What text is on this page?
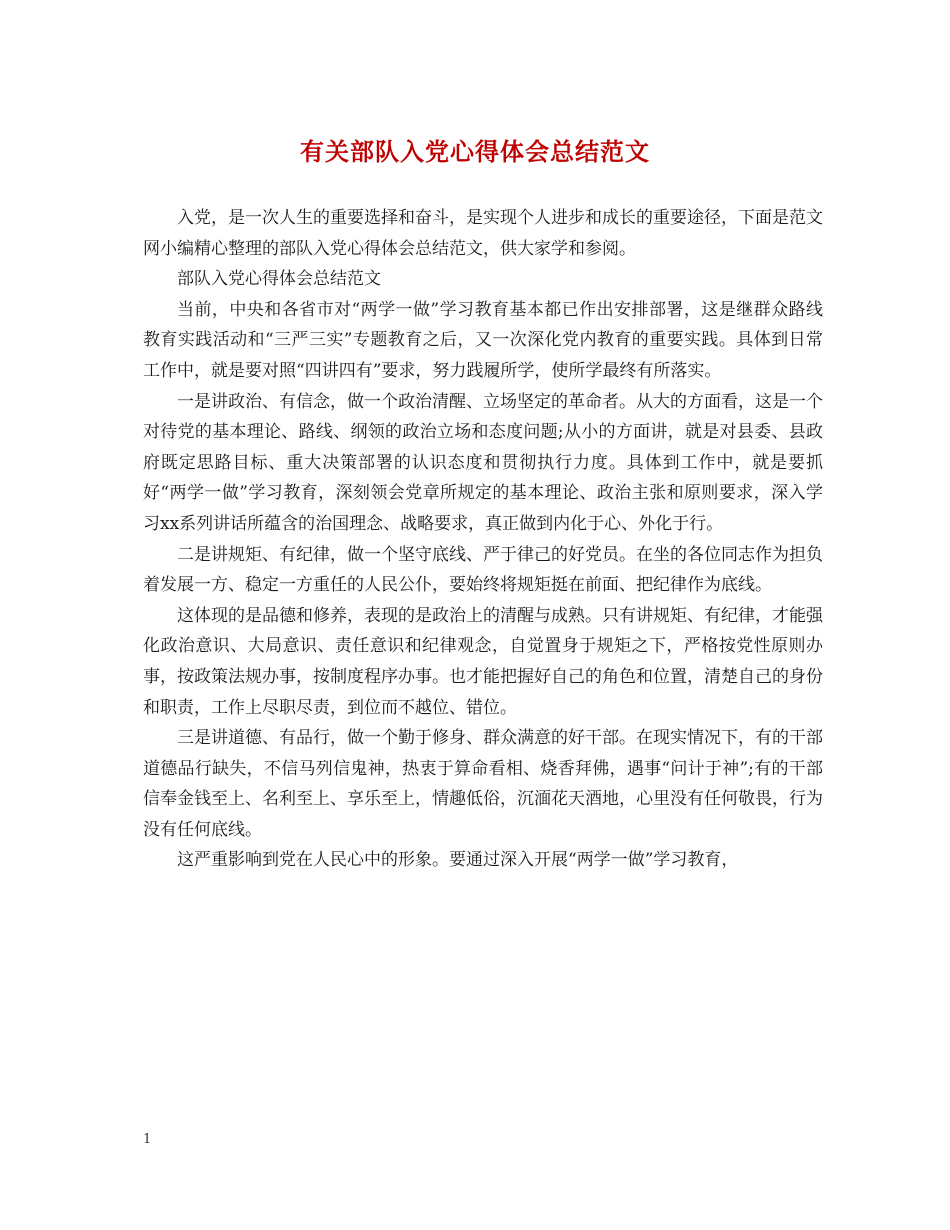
有关部队入党心得体会总结范文

入党，是一次人生的重要选择和奋斗，是实现个人进步和成长的重要途径，下面是范文网小编精心整理的部队入党心得体会总结范文，供大家学和参阅。

部队入党心得体会总结范文

当前，中央和各省市对“两学一做”学习教育基本都已作出安排部署，这是继群众路线教育实践活动和“三严三实”专题教育之后，又一次深化党内教育的重要实践。具体到日常工作中，就是要对照“四讲四有”要求，努力践履所学，使所学最终有所落实。

一是讲政治、有信念，做一个政治清醒、立场坚定的革命者。从大的方面看，这是一个对待党的基本理论、路线、纲领的政治立场和态度问题;从小的方面讲，就是对县委、县政府既定思路目标、重大决策部署的认识态度和贯彻执行力度。具体到工作中，就是要抓好“两学一做”学习教育，深刻领会党章所规定的基本理论、政治主张和原则要求，深入学习xx系列讲话所蕴含的治国理念、战略要求，真正做到内化于心、外化于行。

二是讲规矩、有纪律，做一个坚守底线、严于律己的好党员。在坐的各位同志作为担负着发展一方、稳定一方重任的人民公仆，要始终将规矩挺在前面、把纪律作为底线。

这体现的是品德和修养，表现的是政治上的清醒与成熟。只有讲规矩、有纪律，才能强化政治意识、大局意识、责任意识和纪律观念，自觉置身于规矩之下，严格按党性原则办事，按政策法规办事，按制度程序办事。也才能把握好自己的角色和位置，清楚自己的身份和职责，工作上尽职尽责，到位而不越位、错位。

三是讲道德、有品行，做一个勤于修身、群众满意的好干部。在现实情况下，有的干部道德品行缺失，不信马列信鬼神，热衷于算命看相、烧香拜佛，遇事“问计于神”;有的干部信奉金钱至上、名利至上、享乐至上，情趣低俗，沉湎花天酒地，心里没有任何敬畏，行为没有任何底线。

这严重影响到党在人民心中的形象。要通过深入开展“两学一做”学习教育，

1
